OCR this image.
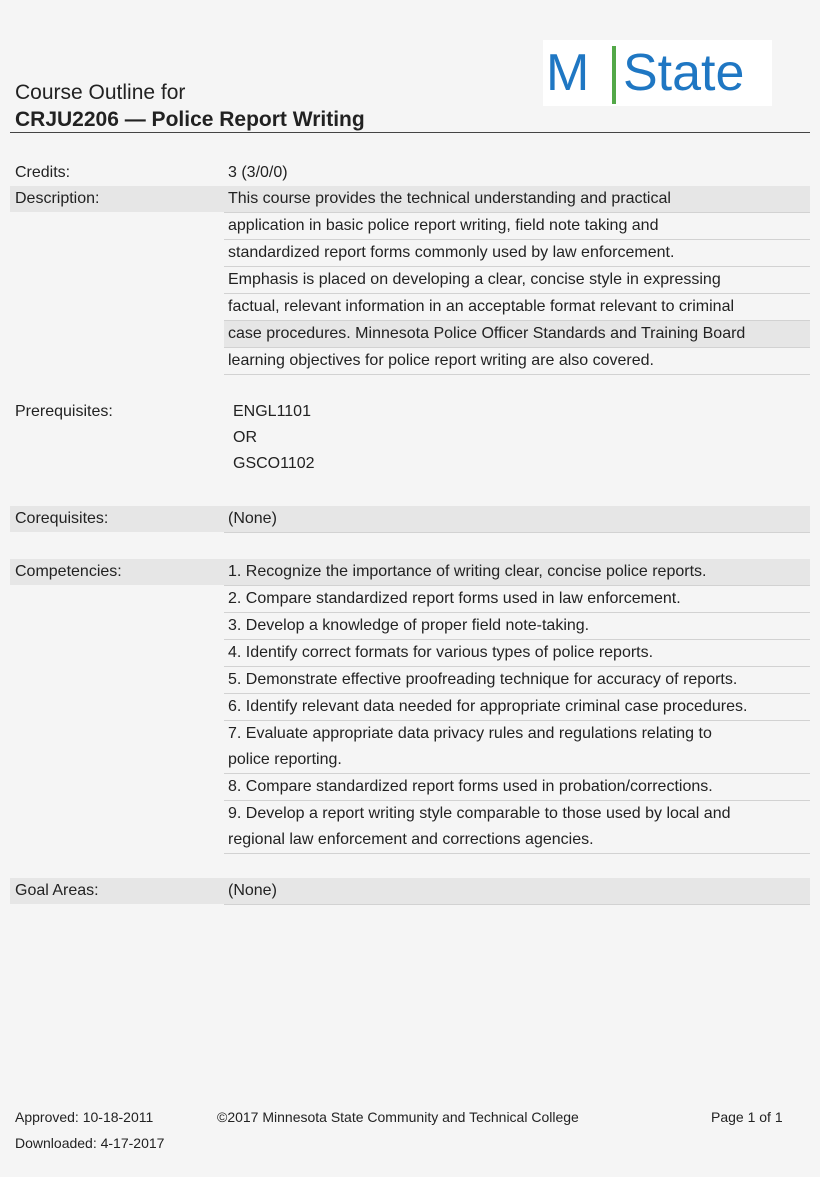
M State
Course Outline for
CRJU2206 — Police Report Writing
Credits:	3 (3/0/0)
Description:	This course provides the technical understanding and practical
application in basic police report writing, field note taking and
standardized report forms commonly used by law enforcement.
Emphasis is placed on developing a clear, concise style in expressing
factual, relevant information in an acceptable format relevant to criminal
case procedures. Minnesota Police Officer Standards and Training Board
learning objectives for police report writing are also covered.
Prerequisites:	ENGL1101
OR
GSCO1102
Corequisites:	(None)
Competencies:	1. Recognize the importance of writing clear, concise police reports.
2. Compare standardized report forms used in law enforcement.
3. Develop a knowledge of proper field note-taking.
4. Identify correct formats for various types of police reports.
5. Demonstrate effective proofreading technique for accuracy of reports.
6. Identify relevant data needed for appropriate criminal case procedures.
7. Evaluate appropriate data privacy rules and regulations relating to
police reporting.
8. Compare standardized report forms used in probation/corrections.
9. Develop a report writing style comparable to those used by local and
regional law enforcement and corrections agencies.
Goal Areas:	(None)
Approved: 10-18-2011
Downloaded: 4-17-2017
©2017 Minnesota State Community and Technical College	Page 1 of 1
